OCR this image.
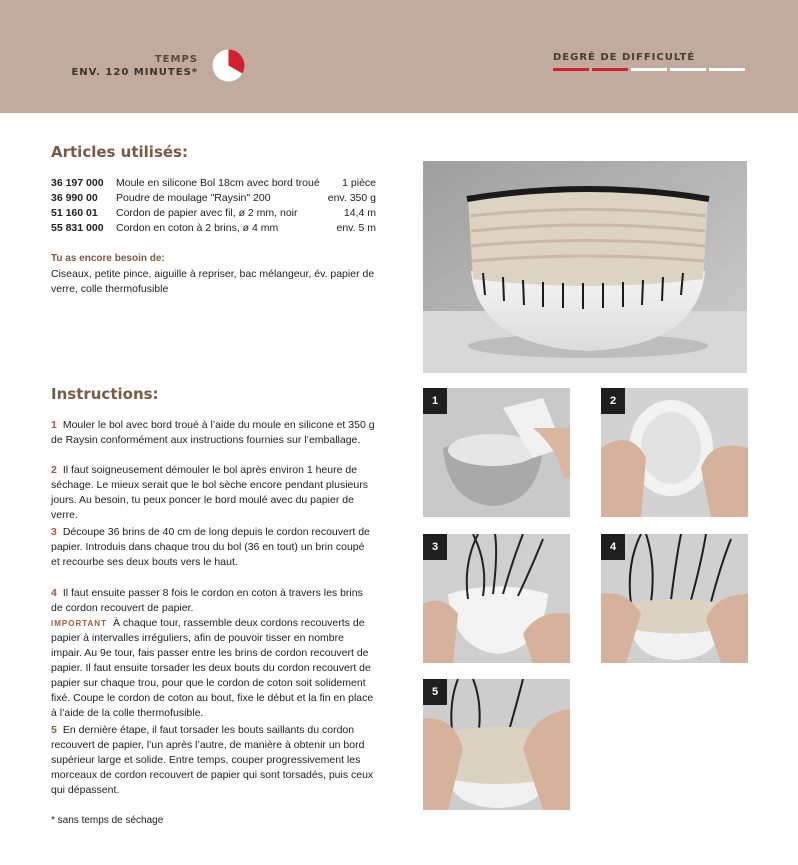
TEMPS
ENV. 120 MINUTES*
DEGRÉ DE DIFFICULTÉ
Articles utilisés:
36 197 000	Moule en silicone Bol 18cm avec bord troué	1 pièce
36 990 00	Poudre de moulage "Raysin" 200	env. 350 g
51 160 01	Cordon de papier avec fil, ø 2 mm, noir	14,4 m
55 831 000	Cordon en coton à 2 brins, ø 4 mm	env. 5 m
Tu as encore besoin de:
Ciseaux, petite pince, aiguille à repriser, bac mélangeur, év. papier de verre, colle thermofusible
Instructions:
1 Mouler le bol avec bord troué à l’aide du moule en silicone et 350 g de Raysin conformément aux instructions fournies sur l’emballage.
2 Il faut soigneusement démouler le bol après environ 1 heure de séchage. Le mieux serait que le bol sèche encore pendant plusieurs jours. Au besoin, tu peux poncer le bord moulé avec du papier de verre.
3 Découpe 36 brins de 40 cm de long depuis le cordon recouvert de papier. Introduis dans chaque trou du bol (36 en tout) un brin coupé et recourbe ses deux bouts vers le haut.
4 Il faut ensuite passer 8 fois le cordon en coton à travers les brins de cordon recouvert de papier.
IMPORTANT À chaque tour, rassemble deux cordons recouverts de papier à intervalles irréguliers, afin de pouvoir tisser en nombre impair. Au 9e tour, fais passer entre les brins de cordon recouvert de papier. Il faut ensuite torsader les deux bouts du cordon recouvert de papier sur chaque trou, pour que le cordon de coton soit solidement fixé. Coupe le cordon de coton au bout, fixe le début et la fin en place à l’aide de la colle thermofusible.
5 En dernière étape, il faut torsader les bouts saillants du cordon recouvert de papier, l’un après l’autre, de manière à obtenir un bord supérieur large et solide. Entre temps, couper progressivement les morceaux de cordon recouvert de papier qui sont torsadés, puis ceux qui dépassent.
* sans temps de séchage
1	2
3	4
5
